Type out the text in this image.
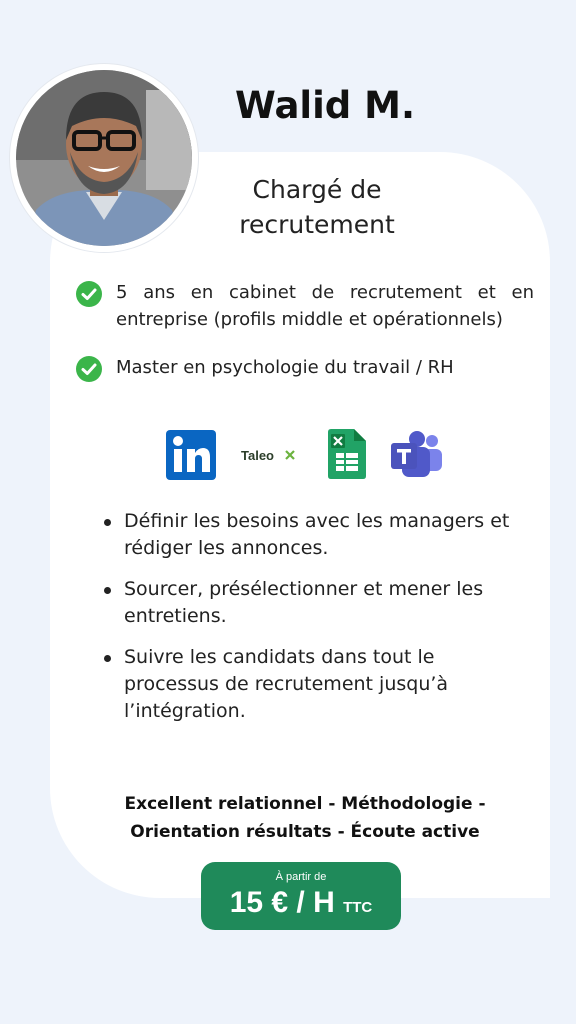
Walid M.
Chargé de
recrutement
5 ans en cabinet de recrutement et en entreprise (profils middle et opérationnels)
Master en psychologie du travail / RH
Taleo
Définir les besoins avec les managers et rédiger les annonces.
Sourcer, présélectionner et mener les entretiens.
Suivre les candidats dans tout le processus de recrutement jusqu’à l’intégration.
Excellent relationnel - Méthodologie - Orientation résultats - Écoute active
À partir de
15 € / H TTC
